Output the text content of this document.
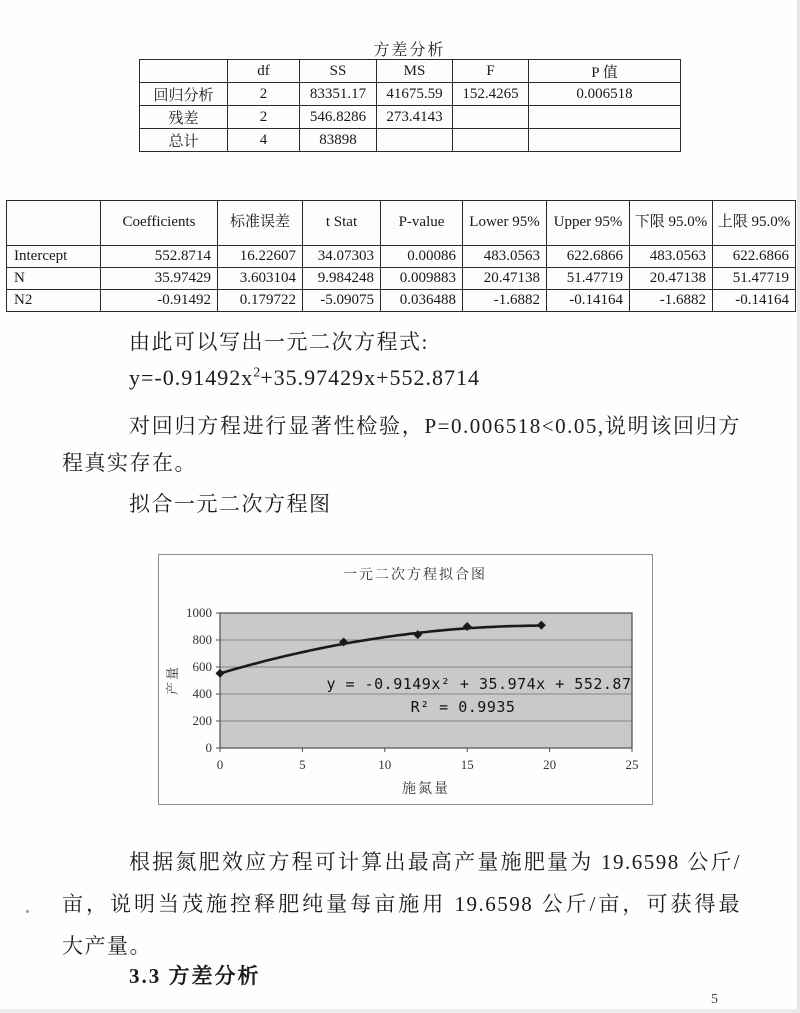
方差分析
	df	SS	MS	F	P 值
回归分析	2	83351.17	41675.59	152.4265	0.006518
残差	2	546.8286	273.4143		
总计	4	83898			
	Coefficients	标准误差	t Stat	P-value	Lower 95%	Upper 95%	下限 95.0%	上限 95.0%
Intercept	552.8714	16.22607	34.07303	0.00086	483.0563	622.6866	483.0563	622.6866
N	35.97429	3.603104	9.984248	0.009883	20.47138	51.47719	20.47138	51.47719
N2	-0.91492	0.179722	-5.09075	0.036488	-1.6882	-0.14164	-1.6882	-0.14164
由此可以写出一元二次方程式:
$y=-0.91492x^2+35.97429x+552.8714$
对回归方程进行显著性检验，P=0.006518<0.05,说明该回归方
程真实存在。
拟合一元二次方程图
0
200
400
600
800
1000
0	5	10	15	20	25
一元二次方程拟合图
施氮量
产量	y = -0.9149x² + 35.974x + 552.87
R² = 0.9935
根据氮肥效应方程可计算出最高产量施肥量为 19.6598 公斤/
亩，说明当茂施控释肥纯量每亩施用 19.6598 公斤/亩，可获得最
大产量。
3.3 方差分析
5
